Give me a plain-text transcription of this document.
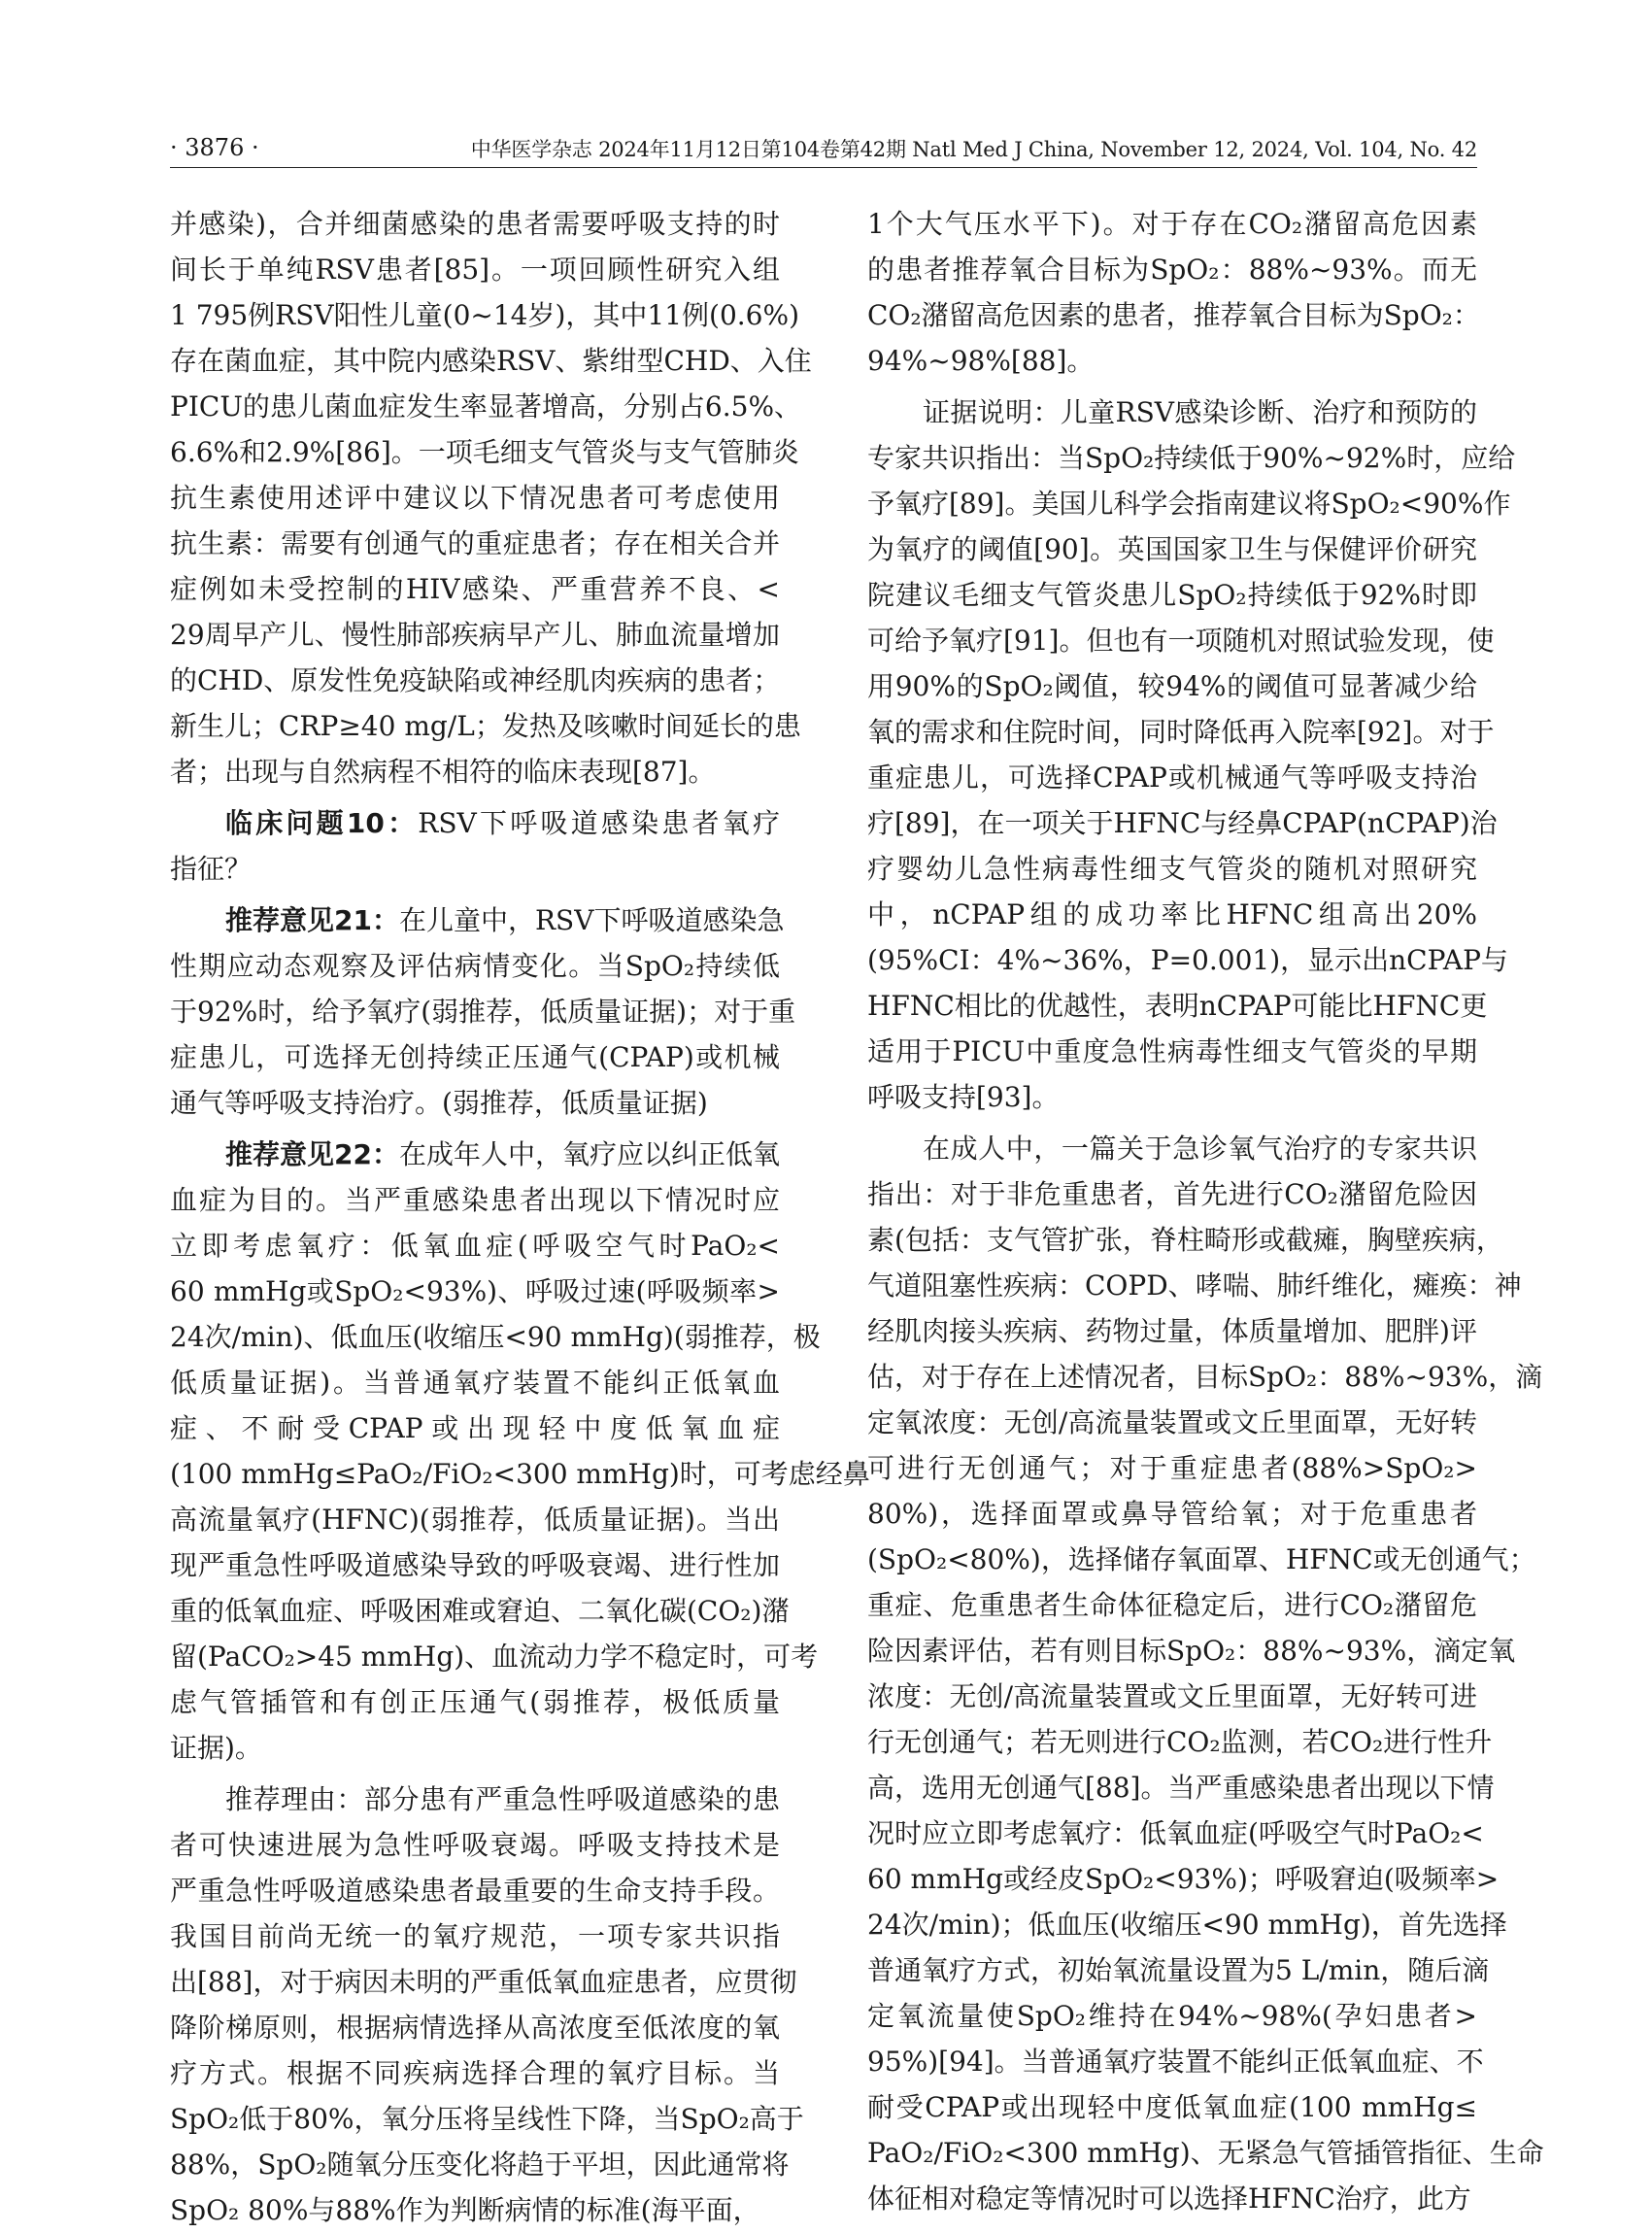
· 3876 ·	中华医学杂志 2024年11月12日第104卷第42期 Natl Med J China, November 12, 2024, Vol. 104, No. 42
并感染)，合并细菌感染的患者需要呼吸支持的时
间长于单纯RSV患者[85]。一项回顾性研究入组
1 795例RSV阳性儿童(0~14岁)，其中11例(0.6%)
存在菌血症，其中院内感染RSV、紫绀型CHD、入住
PICU的患儿菌血症发生率显著增高，分别占6.5%、
6.6%和2.9%[86]。一项毛细支气管炎与支气管肺炎
抗生素使用述评中建议以下情况患者可考虑使用
抗生素：需要有创通气的重症患者；存在相关合并
症例如未受控制的HIV感染、严重营养不良、<
29周早产儿、慢性肺部疾病早产儿、肺血流量增加
的CHD、原发性免疫缺陷或神经肌肉疾病的患者；
新生儿；CRP≥40 mg/L；发热及咳嗽时间延长的患
者；出现与自然病程不相符的临床表现[87]。
临床问题10：RSV下呼吸道感染患者氧疗
指征？
推荐意见21：在儿童中，RSV下呼吸道感染急
性期应动态观察及评估病情变化。当SpO₂持续低
于92%时，给予氧疗(弱推荐，低质量证据)；对于重
症患儿，可选择无创持续正压通气(CPAP)或机械
通气等呼吸支持治疗。(弱推荐，低质量证据)
推荐意见22：在成年人中，氧疗应以纠正低氧
血症为目的。当严重感染患者出现以下情况时应
立即考虑氧疗：低氧血症(呼吸空气时PaO₂<
60 mmHg或SpO₂<93%)、呼吸过速(呼吸频率>
24次/min)、低血压(收缩压<90 mmHg)(弱推荐，极
低质量证据)。当普通氧疗装置不能纠正低氧血
症、不耐受CPAP或出现轻中度低氧血症
(100 mmHg≤PaO₂/FiO₂<300 mmHg)时，可考虑经鼻
高流量氧疗(HFNC)(弱推荐，低质量证据)。当出
现严重急性呼吸道感染导致的呼吸衰竭、进行性加
重的低氧血症、呼吸困难或窘迫、二氧化碳(CO₂)潴
留(PaCO₂>45 mmHg)、血流动力学不稳定时，可考
虑气管插管和有创正压通气(弱推荐，极低质量
证据)。
推荐理由：部分患有严重急性呼吸道感染的患
者可快速进展为急性呼吸衰竭。呼吸支持技术是
严重急性呼吸道感染患者最重要的生命支持手段。
我国目前尚无统一的氧疗规范，一项专家共识指
出[88]，对于病因未明的严重低氧血症患者，应贯彻
降阶梯原则，根据病情选择从高浓度至低浓度的氧
疗方式。根据不同疾病选择合理的氧疗目标。当
SpO₂低于80%，氧分压将呈线性下降，当SpO₂高于
88%，SpO₂随氧分压变化将趋于平坦，因此通常将
SpO₂ 80%与88%作为判断病情的标准(海平面，
1个大气压水平下)。对于存在CO₂潴留高危因素
的患者推荐氧合目标为SpO₂：88%~93%。而无
CO₂潴留高危因素的患者，推荐氧合目标为SpO₂：
94%~98%[88]。
证据说明：儿童RSV感染诊断、治疗和预防的
专家共识指出：当SpO₂持续低于90%~92%时，应给
予氧疗[89]。美国儿科学会指南建议将SpO₂<90%作
为氧疗的阈值[90]。英国国家卫生与保健评价研究
院建议毛细支气管炎患儿SpO₂持续低于92%时即
可给予氧疗[91]。但也有一项随机对照试验发现，使
用90%的SpO₂阈值，较94%的阈值可显著减少给
氧的需求和住院时间，同时降低再入院率[92]。对于
重症患儿，可选择CPAP或机械通气等呼吸支持治
疗[89]，在一项关于HFNC与经鼻CPAP(nCPAP)治
疗婴幼儿急性病毒性细支气管炎的随机对照研究
中，nCPAP组的成功率比HFNC组高出20%
(95%CI：4%~36%，P=0.001)，显示出nCPAP与
HFNC相比的优越性，表明nCPAP可能比HFNC更
适用于PICU中重度急性病毒性细支气管炎的早期
呼吸支持[93]。
在成人中，一篇关于急诊氧气治疗的专家共识
指出：对于非危重患者，首先进行CO₂潴留危险因
素(包括：支气管扩张，脊柱畸形或截瘫，胸壁疾病，
气道阻塞性疾病：COPD、哮喘、肺纤维化，瘫痪：神
经肌肉接头疾病、药物过量，体质量增加、肥胖)评
估，对于存在上述情况者，目标SpO₂：88%~93%，滴
定氧浓度：无创/高流量装置或文丘里面罩，无好转
可进行无创通气；对于重症患者(88%>SpO₂>
80%)，选择面罩或鼻导管给氧；对于危重患者
(SpO₂<80%)，选择储存氧面罩、HFNC或无创通气；
重症、危重患者生命体征稳定后，进行CO₂潴留危
险因素评估，若有则目标SpO₂：88%~93%，滴定氧
浓度：无创/高流量装置或文丘里面罩，无好转可进
行无创通气；若无则进行CO₂监测，若CO₂进行性升
高，选用无创通气[88]。当严重感染患者出现以下情
况时应立即考虑氧疗：低氧血症(呼吸空气时PaO₂<
60 mmHg或经皮SpO₂<93%)；呼吸窘迫(吸频率>
24次/min)；低血压(收缩压<90 mmHg)，首先选择
普通氧疗方式，初始氧流量设置为5 L/min，随后滴
定氧流量使SpO₂维持在94%~98%(孕妇患者>
95%)[94]。当普通氧疗装置不能纠正低氧血症、不
耐受CPAP或出现轻中度低氧血症(100 mmHg≤
PaO₂/FiO₂<300 mmHg)、无紧急气管插管指征、生命
体征相对稳定等情况时可以选择HFNC治疗，此方
